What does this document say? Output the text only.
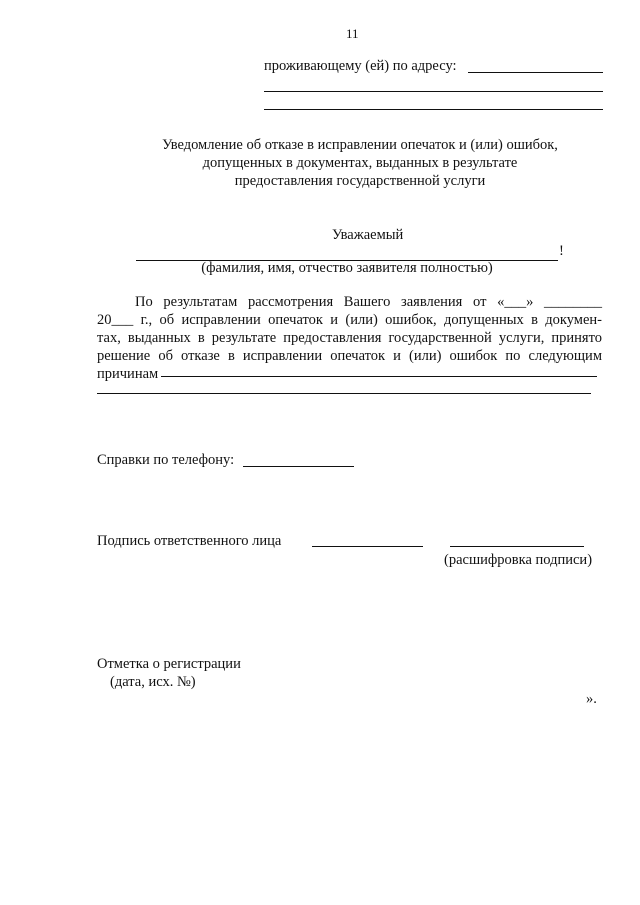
11
проживающему (ей) по адресу:
Уведомление об отказе в исправлении опечаток и (или) ошибок,
допущенных в документах, выданных в результате
предоставления государственной услуги
Уважаемый
!
(фамилия, имя, отчество заявителя полностью)
По результатам рассмотрения Вашего заявления от «___» ________
20___ г., об исправлении опечаток и (или) ошибок, допущенных в докумен-
тах, выданных в результате предоставления государственной услуги, принято
решение об отказе в исправлении опечаток и (или) ошибок по следующим
причинам
Справки по телефону:
Подпись ответственного лица
(расшифровка подписи)
Отметка о регистрации
(дата, исх. №)
».
